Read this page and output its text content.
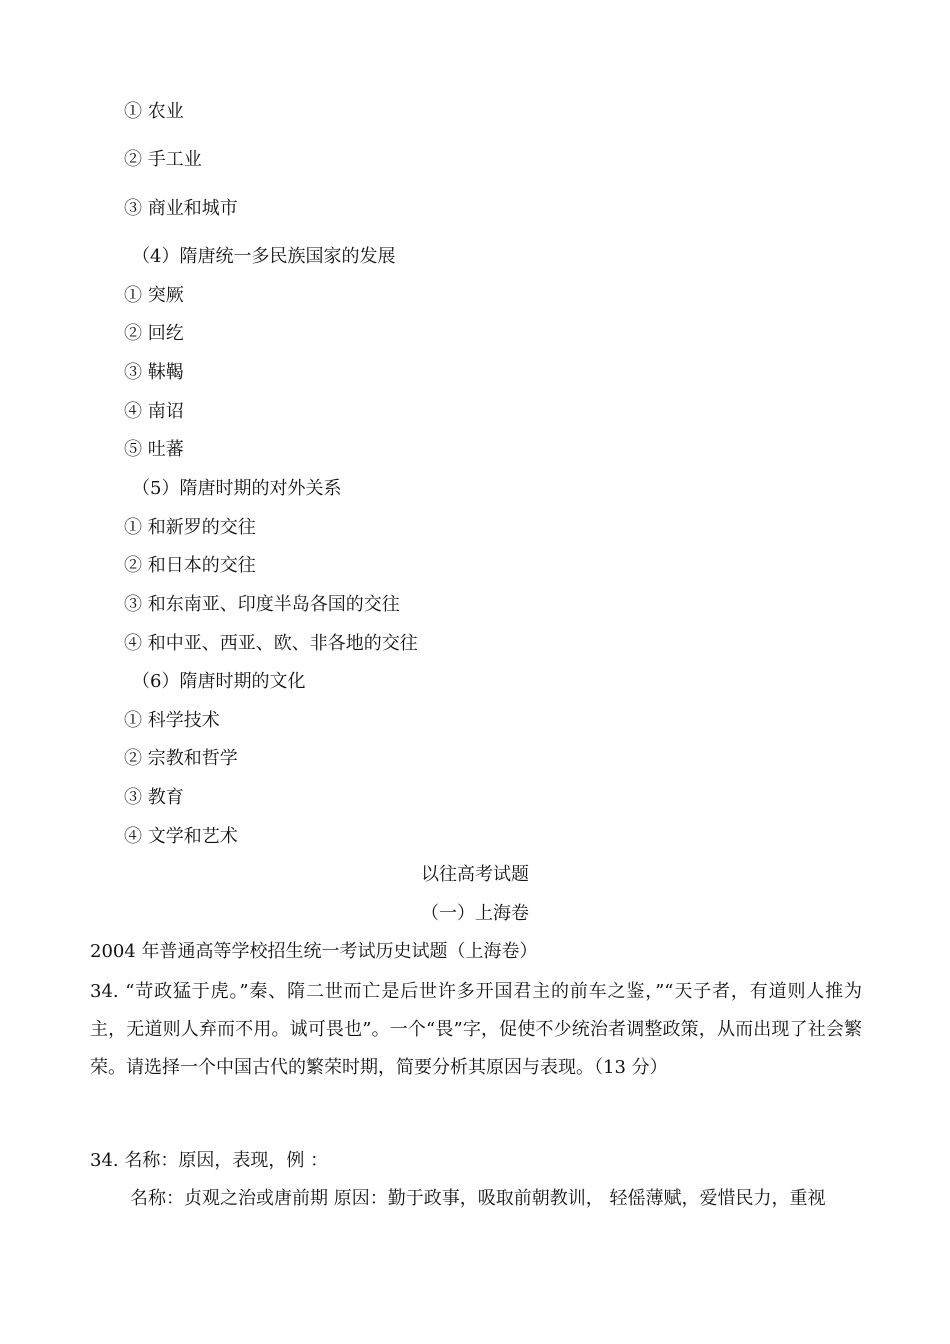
① 农业
② 手工业
③ 商业和城市
（4）隋唐统一多民族国家的发展
① 突厥
② 回纥
③ 靺鞨
④ 南诏
⑤ 吐蕃
（5）隋唐时期的对外关系
① 和新罗的交往
② 和日本的交往
③ 和东南亚、印度半岛各国的交往
④ 和中亚、西亚、欧、非各地的交往
（6）隋唐时期的文化
① 科学技术
② 宗教和哲学
③ 教育
④ 文学和艺术
以往高考试题
（一）上海卷
2004 年普通高等学校招生统一考试历史试题（上海卷）
34. “苛政猛于虎。”秦、隋二世而亡是后世许多开国君主的前车之鉴，”“天子者，有道则人推为主，无道则人弃而不用。诚可畏也”。一个“畏”字，促使不少统治者调整政策，从而出现了社会繁荣。请选择一个中国古代的繁荣时期，简要分析其原因与表现。（13 分）
34. 名称：原因，表现，例 ：
名称：贞观之治或唐前期 原因：勤于政事，吸取前朝教训， 轻傜薄赋，爱惜民力，重视
